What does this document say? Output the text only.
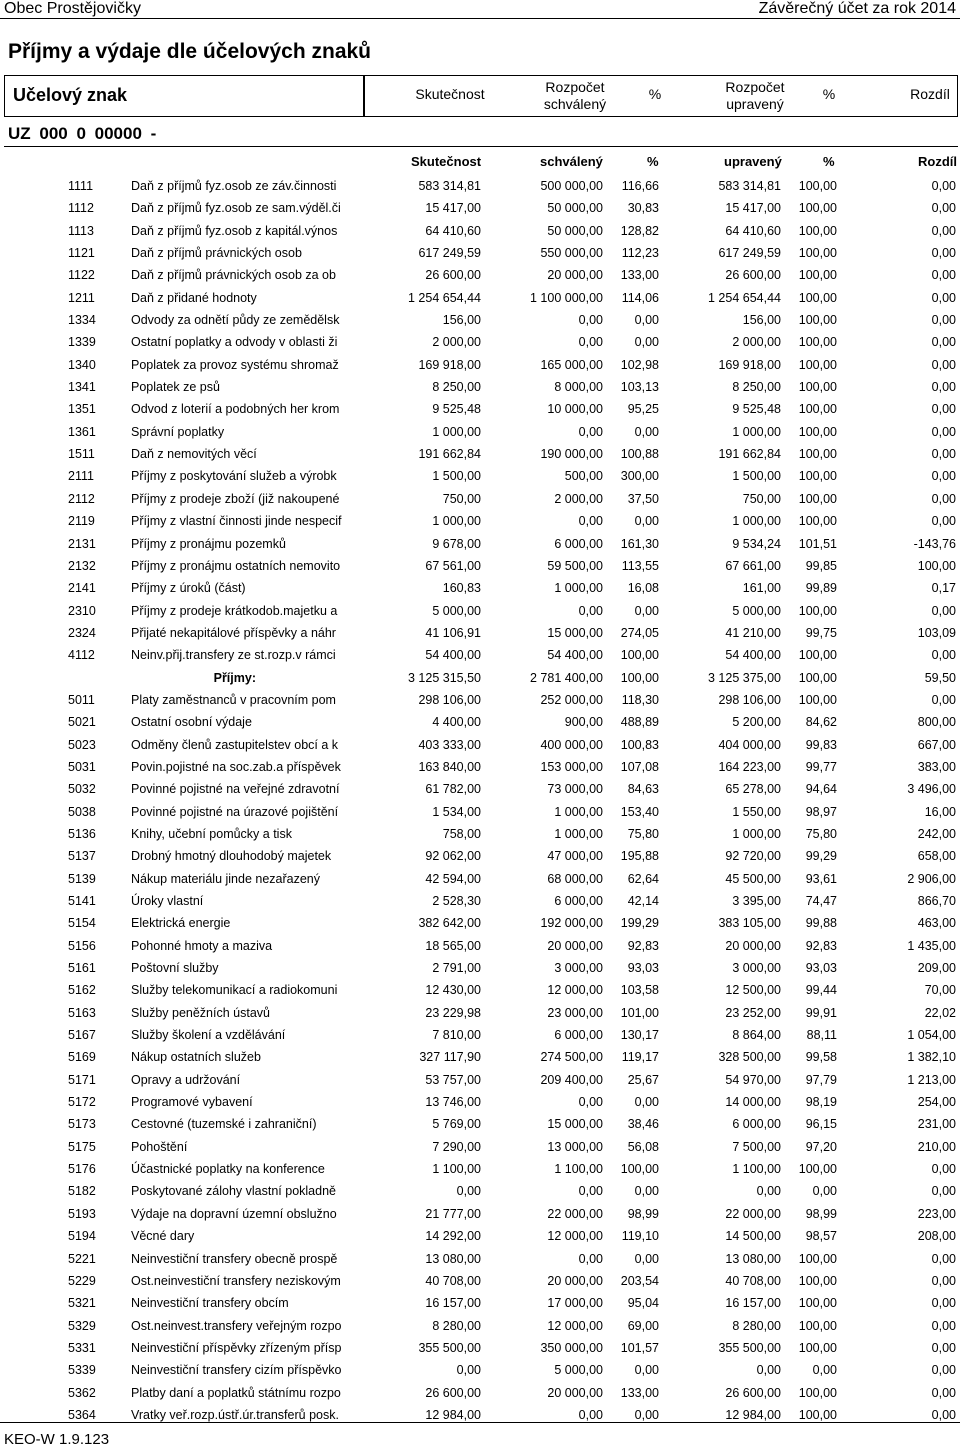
Obec Prostějovičky	Závěrečný účet za rok 2014
Příjmy a výdaje dle účelových znaků
Učelový znak	Skutečnost	Rozpočet
schválený
%	Rozpočet
upravený
%	Rozdíl
UZ 000 0 00000 -
Skutečnost	schválený	%	upravený	%	Rozdíl
1111	Daň z příjmů fyz.osob ze záv.činnosti	583 314,81	500 000,00 116,66	583 314,81 100,00	0,00
1112	Daň z příjmů fyz.osob ze sam.výděl.či	15 417,00	50 000,00 30,83	15 417,00 100,00	0,00
1113	Daň z příjmů fyz.osob z kapitál.výnos	64 410,60	50 000,00 128,82	64 410,60 100,00	0,00
1121	Daň z příjmů právnických osob	617 249,59	550 000,00 112,23	617 249,59 100,00	0,00
1122	Daň z příjmů právnických osob za ob	26 600,00	20 000,00 133,00	26 600,00 100,00	0,00
1211	Daň z přidané hodnoty	1 254 654,44	1 100 000,00 114,06	1 254 654,44 100,00	0,00
1334	Odvody za odnětí půdy ze zemědělsk	156,00	0,00	0,00	156,00 100,00	0,00
1339	Ostatní poplatky a odvody v oblasti ži	2 000,00	0,00	0,00	2 000,00 100,00	0,00
1340	Poplatek za provoz systému shromaž	169 918,00	165 000,00 102,98	169 918,00 100,00	0,00
1341	Poplatek ze psů	8 250,00	8 000,00 103,13	8 250,00 100,00	0,00
1351	Odvod z loterií a podobných her krom	9 525,48	10 000,00 95,25	9 525,48 100,00	0,00
1361	Správní poplatky	1 000,00	0,00	0,00	1 000,00 100,00	0,00
1511	Daň z nemovitých věcí	191 662,84	190 000,00 100,88	191 662,84 100,00	0,00
2111	Příjmy z poskytování služeb a výrobk	1 500,00	500,00 300,00	1 500,00 100,00	0,00
2112	Příjmy z prodeje zboží (již nakoupené	750,00	2 000,00 37,50	750,00 100,00	0,00
2119	Příjmy z vlastní činnosti jinde nespecif	1 000,00	0,00	0,00	1 000,00 100,00	0,00
2131	Příjmy z pronájmu pozemků	9 678,00	6 000,00 161,30	9 534,24 101,51	-143,76
2132	Příjmy z pronájmu ostatních nemovito	67 561,00	59 500,00 113,55	67 661,00 99,85	100,00
2141	Příjmy z úroků (část)	160,83	1 000,00 16,08	161,00 99,89	0,17
2310	Příjmy z prodeje krátkodob.majetku a	5 000,00	0,00	0,00	5 000,00 100,00	0,00
2324	Přijaté nekapitálové příspěvky a náhr	41 106,91	15 000,00 274,05	41 210,00 99,75	103,09
4112	Neinv.přij.transfery ze st.rozp.v rámci	54 400,00	54 400,00 100,00	54 400,00 100,00	0,00
Příjmy:	3 125 315,50	2 781 400,00 100,00	3 125 375,00 100,00	59,50
5011	Platy zaměstnanců v pracovním pom	298 106,00	252 000,00 118,30	298 106,00 100,00	0,00
5021	Ostatní osobní výdaje	4 400,00	900,00 488,89	5 200,00 84,62	800,00
5023	Odměny členů zastupitelstev obcí a k	403 333,00	400 000,00 100,83	404 000,00 99,83	667,00
5031	Povin.pojistné na soc.zab.a příspěvek	163 840,00	153 000,00 107,08	164 223,00 99,77	383,00
5032	Povinné pojistné na veřejné zdravotní	61 782,00	73 000,00 84,63	65 278,00 94,64	3 496,00
5038	Povinné pojistné na úrazové pojištění	1 534,00	1 000,00 153,40	1 550,00 98,97	16,00
5136	Knihy, učební pomůcky a tisk	758,00	1 000,00 75,80	1 000,00 75,80	242,00
5137	Drobný hmotný dlouhodobý majetek	92 062,00	47 000,00 195,88	92 720,00 99,29	658,00
5139	Nákup materiálu jinde nezařazený	42 594,00	68 000,00 62,64	45 500,00 93,61	2 906,00
5141	Úroky vlastní	2 528,30	6 000,00 42,14	3 395,00 74,47	866,70
5154	Elektrická energie	382 642,00	192 000,00 199,29	383 105,00 99,88	463,00
5156	Pohonné hmoty a maziva	18 565,00	20 000,00 92,83	20 000,00 92,83	1 435,00
5161	Poštovní služby	2 791,00	3 000,00 93,03	3 000,00 93,03	209,00
5162	Služby telekomunikací a radiokomuni	12 430,00	12 000,00 103,58	12 500,00 99,44	70,00
5163	Služby peněžních ústavů	23 229,98	23 000,00 101,00	23 252,00 99,91	22,02
5167	Služby školení a vzdělávání	7 810,00	6 000,00 130,17	8 864,00 88,11	1 054,00
5169	Nákup ostatních služeb	327 117,90	274 500,00 119,17	328 500,00 99,58	1 382,10
5171	Opravy a udržování	53 757,00	209 400,00 25,67	54 970,00 97,79	1 213,00
5172	Programové vybavení	13 746,00	0,00	0,00	14 000,00 98,19	254,00
5173	Cestovné (tuzemské i zahraniční)	5 769,00	15 000,00 38,46	6 000,00 96,15	231,00
5175	Pohoštění	7 290,00	13 000,00 56,08	7 500,00 97,20	210,00
5176	Účastnické poplatky na konference	1 100,00	1 100,00 100,00	1 100,00 100,00	0,00
5182	Poskytované zálohy vlastní pokladně	0,00	0,00	0,00	0,00	0,00	0,00
5193	Výdaje na dopravní územní obslužno	21 777,00	22 000,00 98,99	22 000,00 98,99	223,00
5194	Věcné dary	14 292,00	12 000,00 119,10	14 500,00 98,57	208,00
5221	Neinvestiční transfery obecně prospě	13 080,00	0,00	0,00	13 080,00 100,00	0,00
5229	Ost.neinvestiční transfery neziskovým	40 708,00	20 000,00 203,54	40 708,00 100,00	0,00
5321	Neinvestiční transfery obcím	16 157,00	17 000,00 95,04	16 157,00 100,00	0,00
5329	Ost.neinvest.transfery veřejným rozpo	8 280,00	12 000,00 69,00	8 280,00 100,00	0,00
5331	Neinvestiční příspěvky zřízeným přísp	355 500,00	350 000,00 101,57	355 500,00 100,00	0,00
5339	Neinvestiční transfery cizím příspěvko	0,00	5 000,00	0,00	0,00	0,00	0,00
5362	Platby daní a poplatků státnímu rozpo	26 600,00	20 000,00 133,00	26 600,00 100,00	0,00
5364	Vratky veř.rozp.ústř.úr.transferů posk.	12 984,00	0,00	0,00	12 984,00 100,00	0,00
KEO-W 1.9.123
